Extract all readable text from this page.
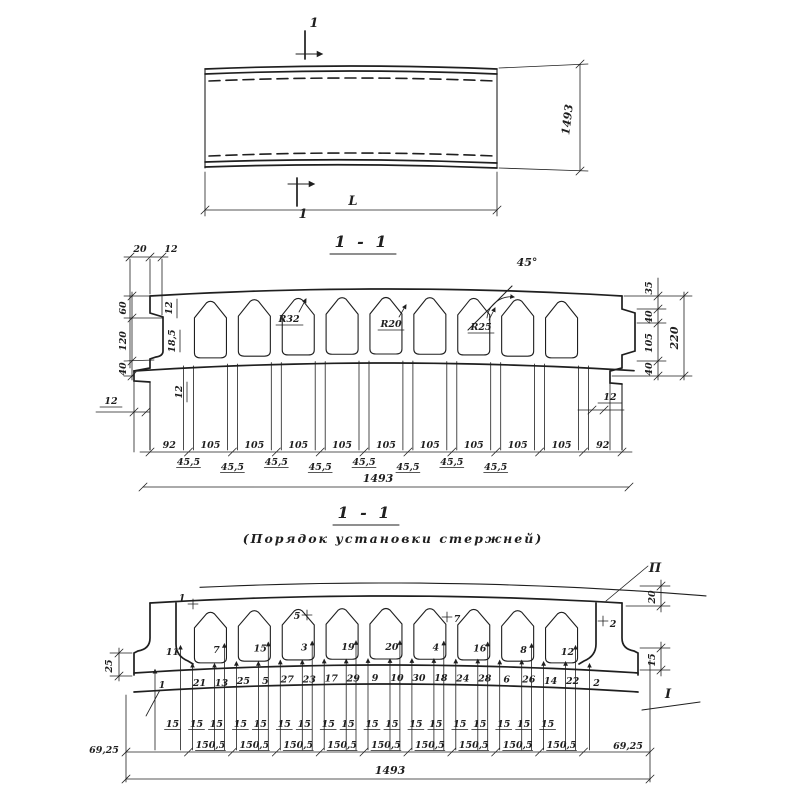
1
1
L
1493
1 - 1
92	105	105	105	105	105	105	105	105	105	92
45,5 45,5 45,5 45,5 45,5 45,5 45,5 45,5
20 12
60
120
40
12
18,5
12
12	12
45°
R32	R20	R25
35
40
105
40
220
1493
1 - 1
(Порядок установки стержней)
1
11
21 13
7
25 5
15
27 23
3
17 29
19
9 10
20
30 18
4
24 28
16
6 26
8
14 22
12
2
15 15 15 15 15 15 15 15 15 15 15 15 15 15 15 15 15 15
150,5 150,5 150,5 150,5 150,5 150,5 150,5 150,5 150,5
1
5	7	2
П
I
25
20
15
69,25	69,25
1493
